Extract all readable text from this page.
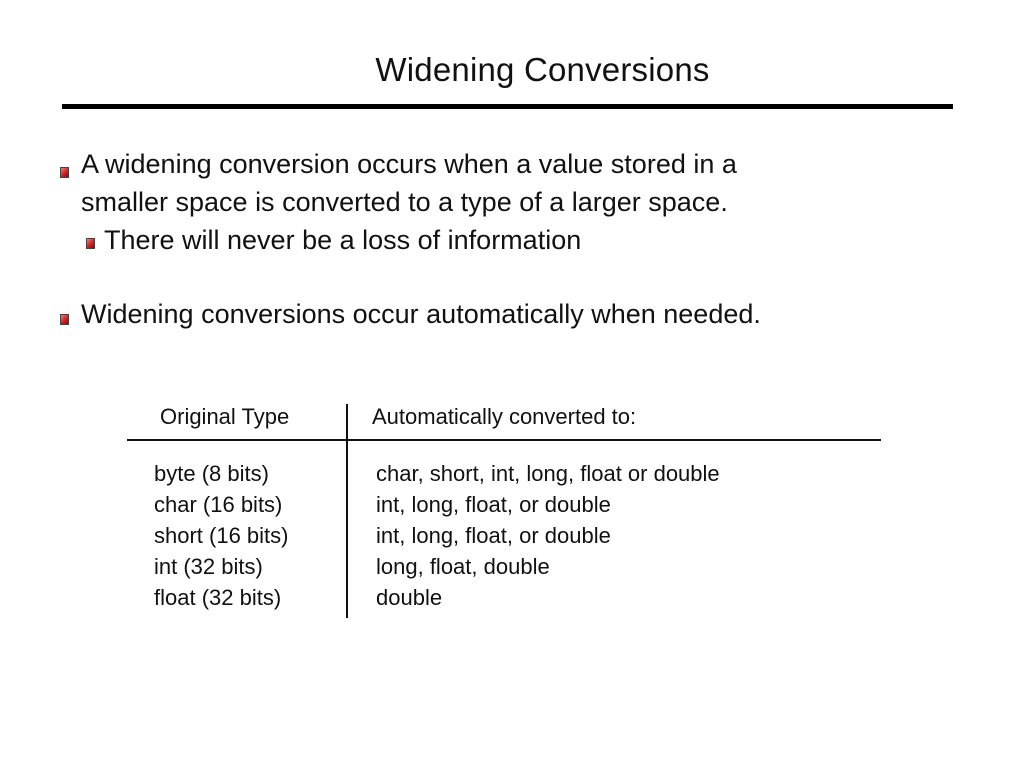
Widening Conversions
A widening conversion occurs when a value stored in a
smaller space is converted to a type of a larger space.
There will never be a loss of information
Widening conversions occur automatically when needed.
Original Type	Automatically converted to:
byte (8 bits)	char, short, int, long, float or double
char (16 bits)	int, long, float, or double
short (16 bits)	int, long, float, or double
int (32 bits)	long, float, double
float (32 bits)	double
